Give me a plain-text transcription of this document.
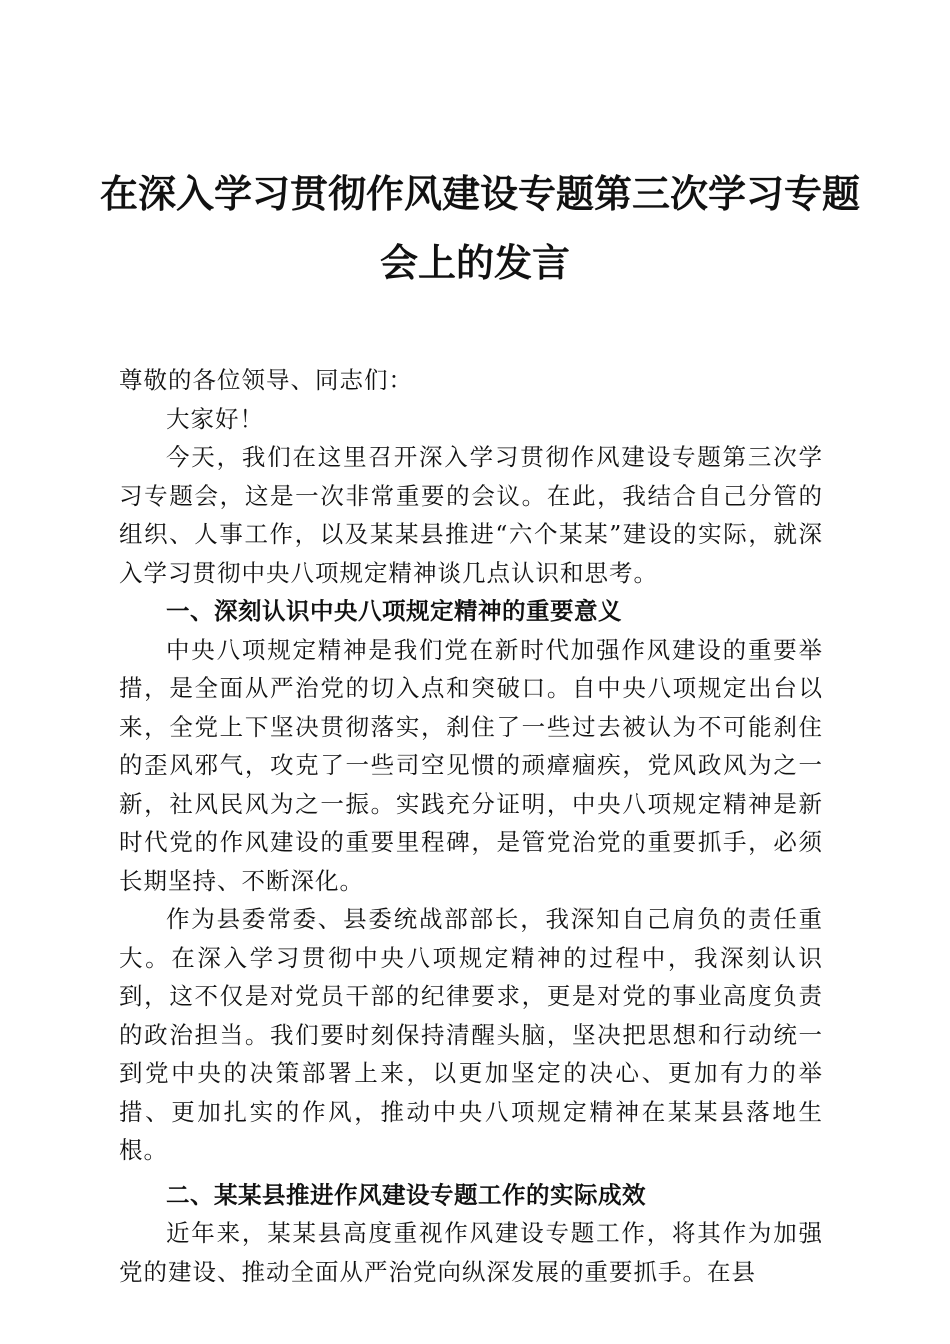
在深入学习贯彻作风建设专题第三次学习专题
会上的发言

尊敬的各位领导、同志们：

大家好！

今天，我们在这里召开深入学习贯彻作风建设专题第三次学习专题会，这是一次非常重要的会议。在此，我结合自己分管的组织、人事工作，以及某某县推进“六个某某”建设的实际，就深入学习贯彻中央八项规定精神谈几点认识和思考。

一、深刻认识中央八项规定精神的重要意义

中央八项规定精神是我们党在新时代加强作风建设的重要举措，是全面从严治党的切入点和突破口。自中央八项规定出台以来，全党上下坚决贯彻落实，刹住了一些过去被认为不可能刹住的歪风邪气，攻克了一些司空见惯的顽瘴痼疾，党风政风为之一新，社风民风为之一振。实践充分证明，中央八项规定精神是新时代党的作风建设的重要里程碑，是管党治党的重要抓手，必须长期坚持、不断深化。

作为县委常委、县委统战部部长，我深知自己肩负的责任重大。在深入学习贯彻中央八项规定精神的过程中，我深刻认识到，这不仅是对党员干部的纪律要求，更是对党的事业高度负责的政治担当。我们要时刻保持清醒头脑，坚决把思想和行动统一到党中央的决策部署上来，以更加坚定的决心、更加有力的举措、更加扎实的作风，推动中央八项规定精神在某某县落地生根。

二、某某县推进作风建设专题工作的实际成效

近年来，某某县高度重视作风建设专题工作，将其作为加强党的建设、推动全面从严治党向纵深发展的重要抓手。在县
